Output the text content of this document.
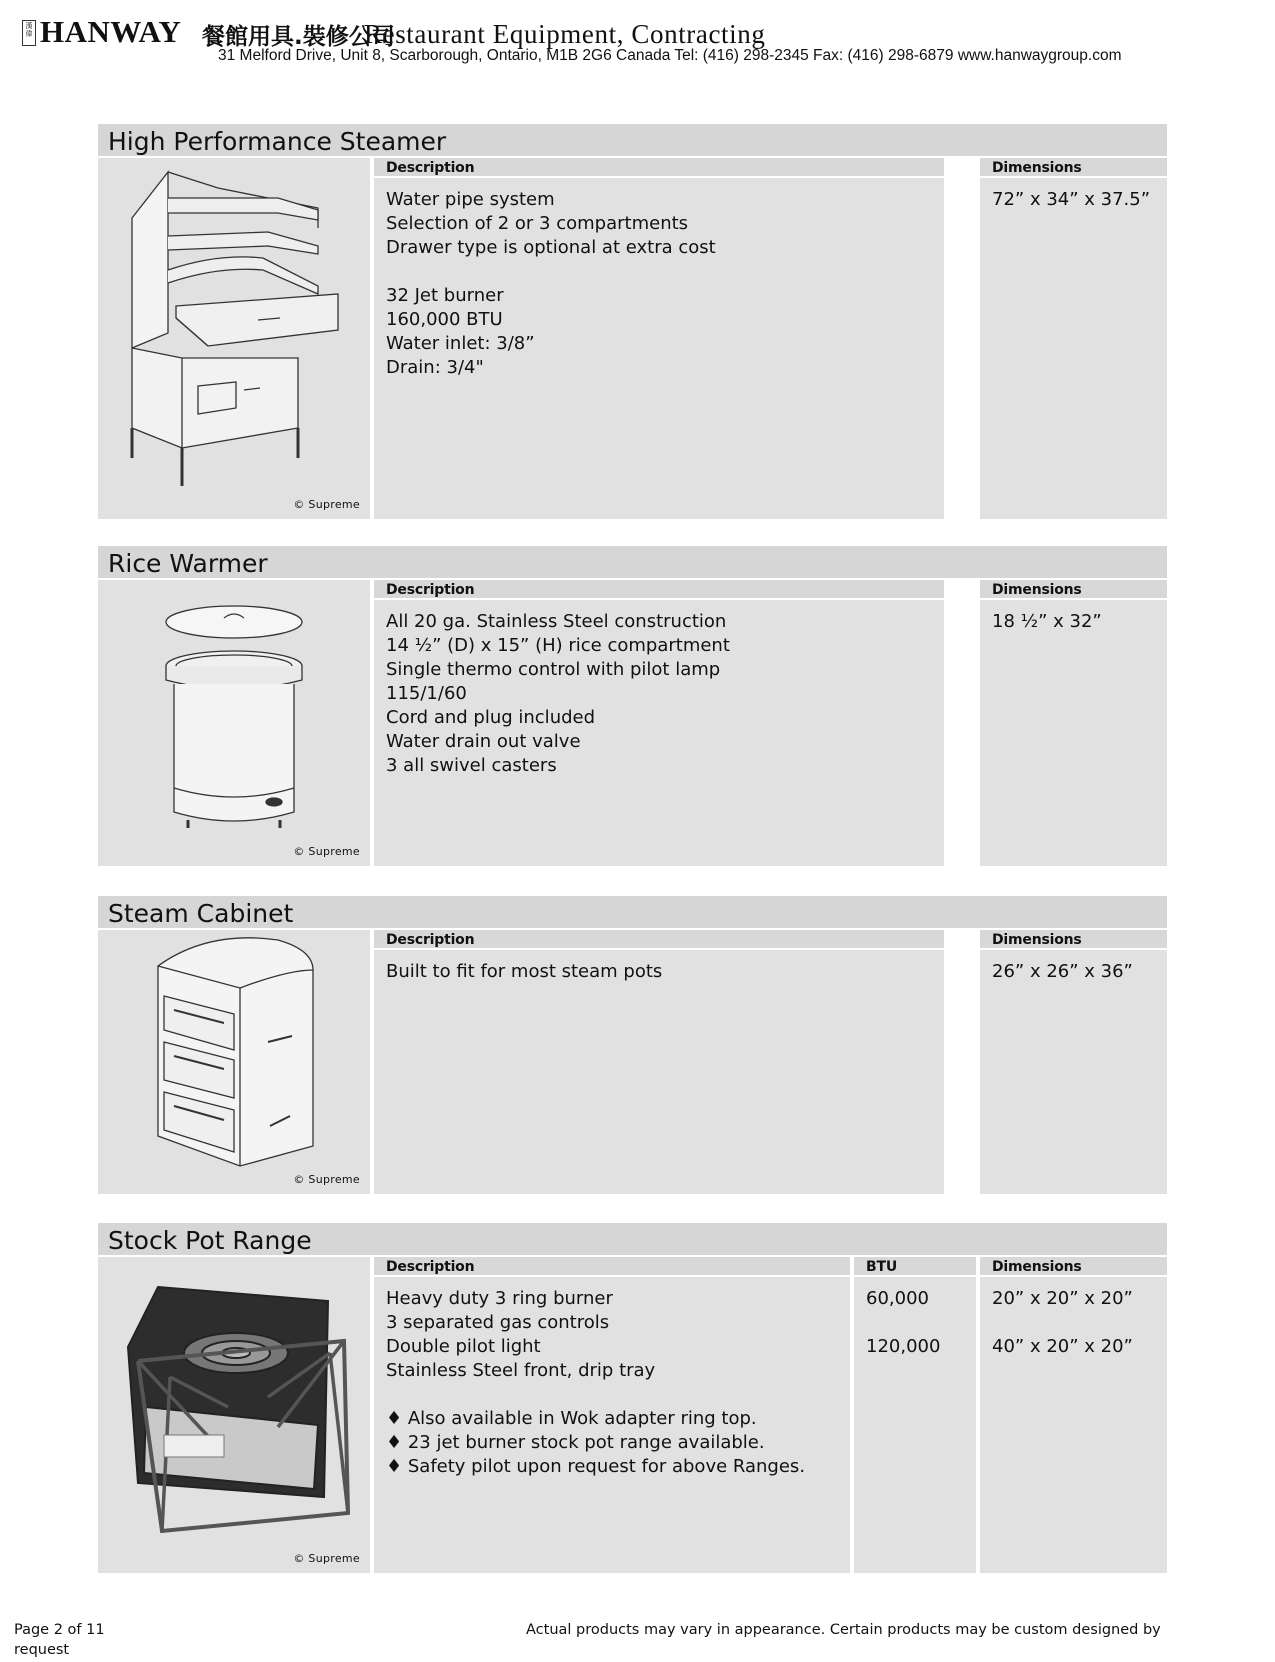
漢
偉 HANWAY 餐館用具.裝修公司
Restaurant Equipment, Contracting
31 Melford Drive, Unit 8, Scarborough, Ontario, M1B 2G6 Canada Tel: (416) 298-2345 Fax: (416) 298-6879 www.hanwaygroup.com
High Performance Steamer
© Supreme
Description
Water pipe system
Selection of 2 or 3 compartments
Drawer type is optional at extra cost
32 Jet burner
160,000 BTU
Water inlet: 3/8”
Drain: 3/4"
Dimensions
72” x 34” x 37.5”
Rice Warmer
© Supreme
Description
All 20 ga. Stainless Steel construction
14 ½” (D) x 15” (H) rice compartment
Single thermo control with pilot lamp
115/1/60
Cord and plug included
Water drain out valve
3 all swivel casters
Dimensions
18 ½” x 32”
Steam Cabinet
© Supreme
Description
Built to fit for most steam pots
Dimensions
26” x 26” x 36”
Stock Pot Range
© Supreme
Description
Heavy duty 3 ring burner
3 separated gas controls
Double pilot light
Stainless Steel front, drip tray
♦ Also available in Wok adapter ring top.
♦ 23 jet burner stock pot range available.
♦ Safety pilot upon request for above Ranges.
BTU
60,000
120,000
Dimensions
20” x 20” x 20”
40” x 20” x 20”
Page 2 of 11	Actual products may vary in appearance. Certain products may be custom designed by
request
